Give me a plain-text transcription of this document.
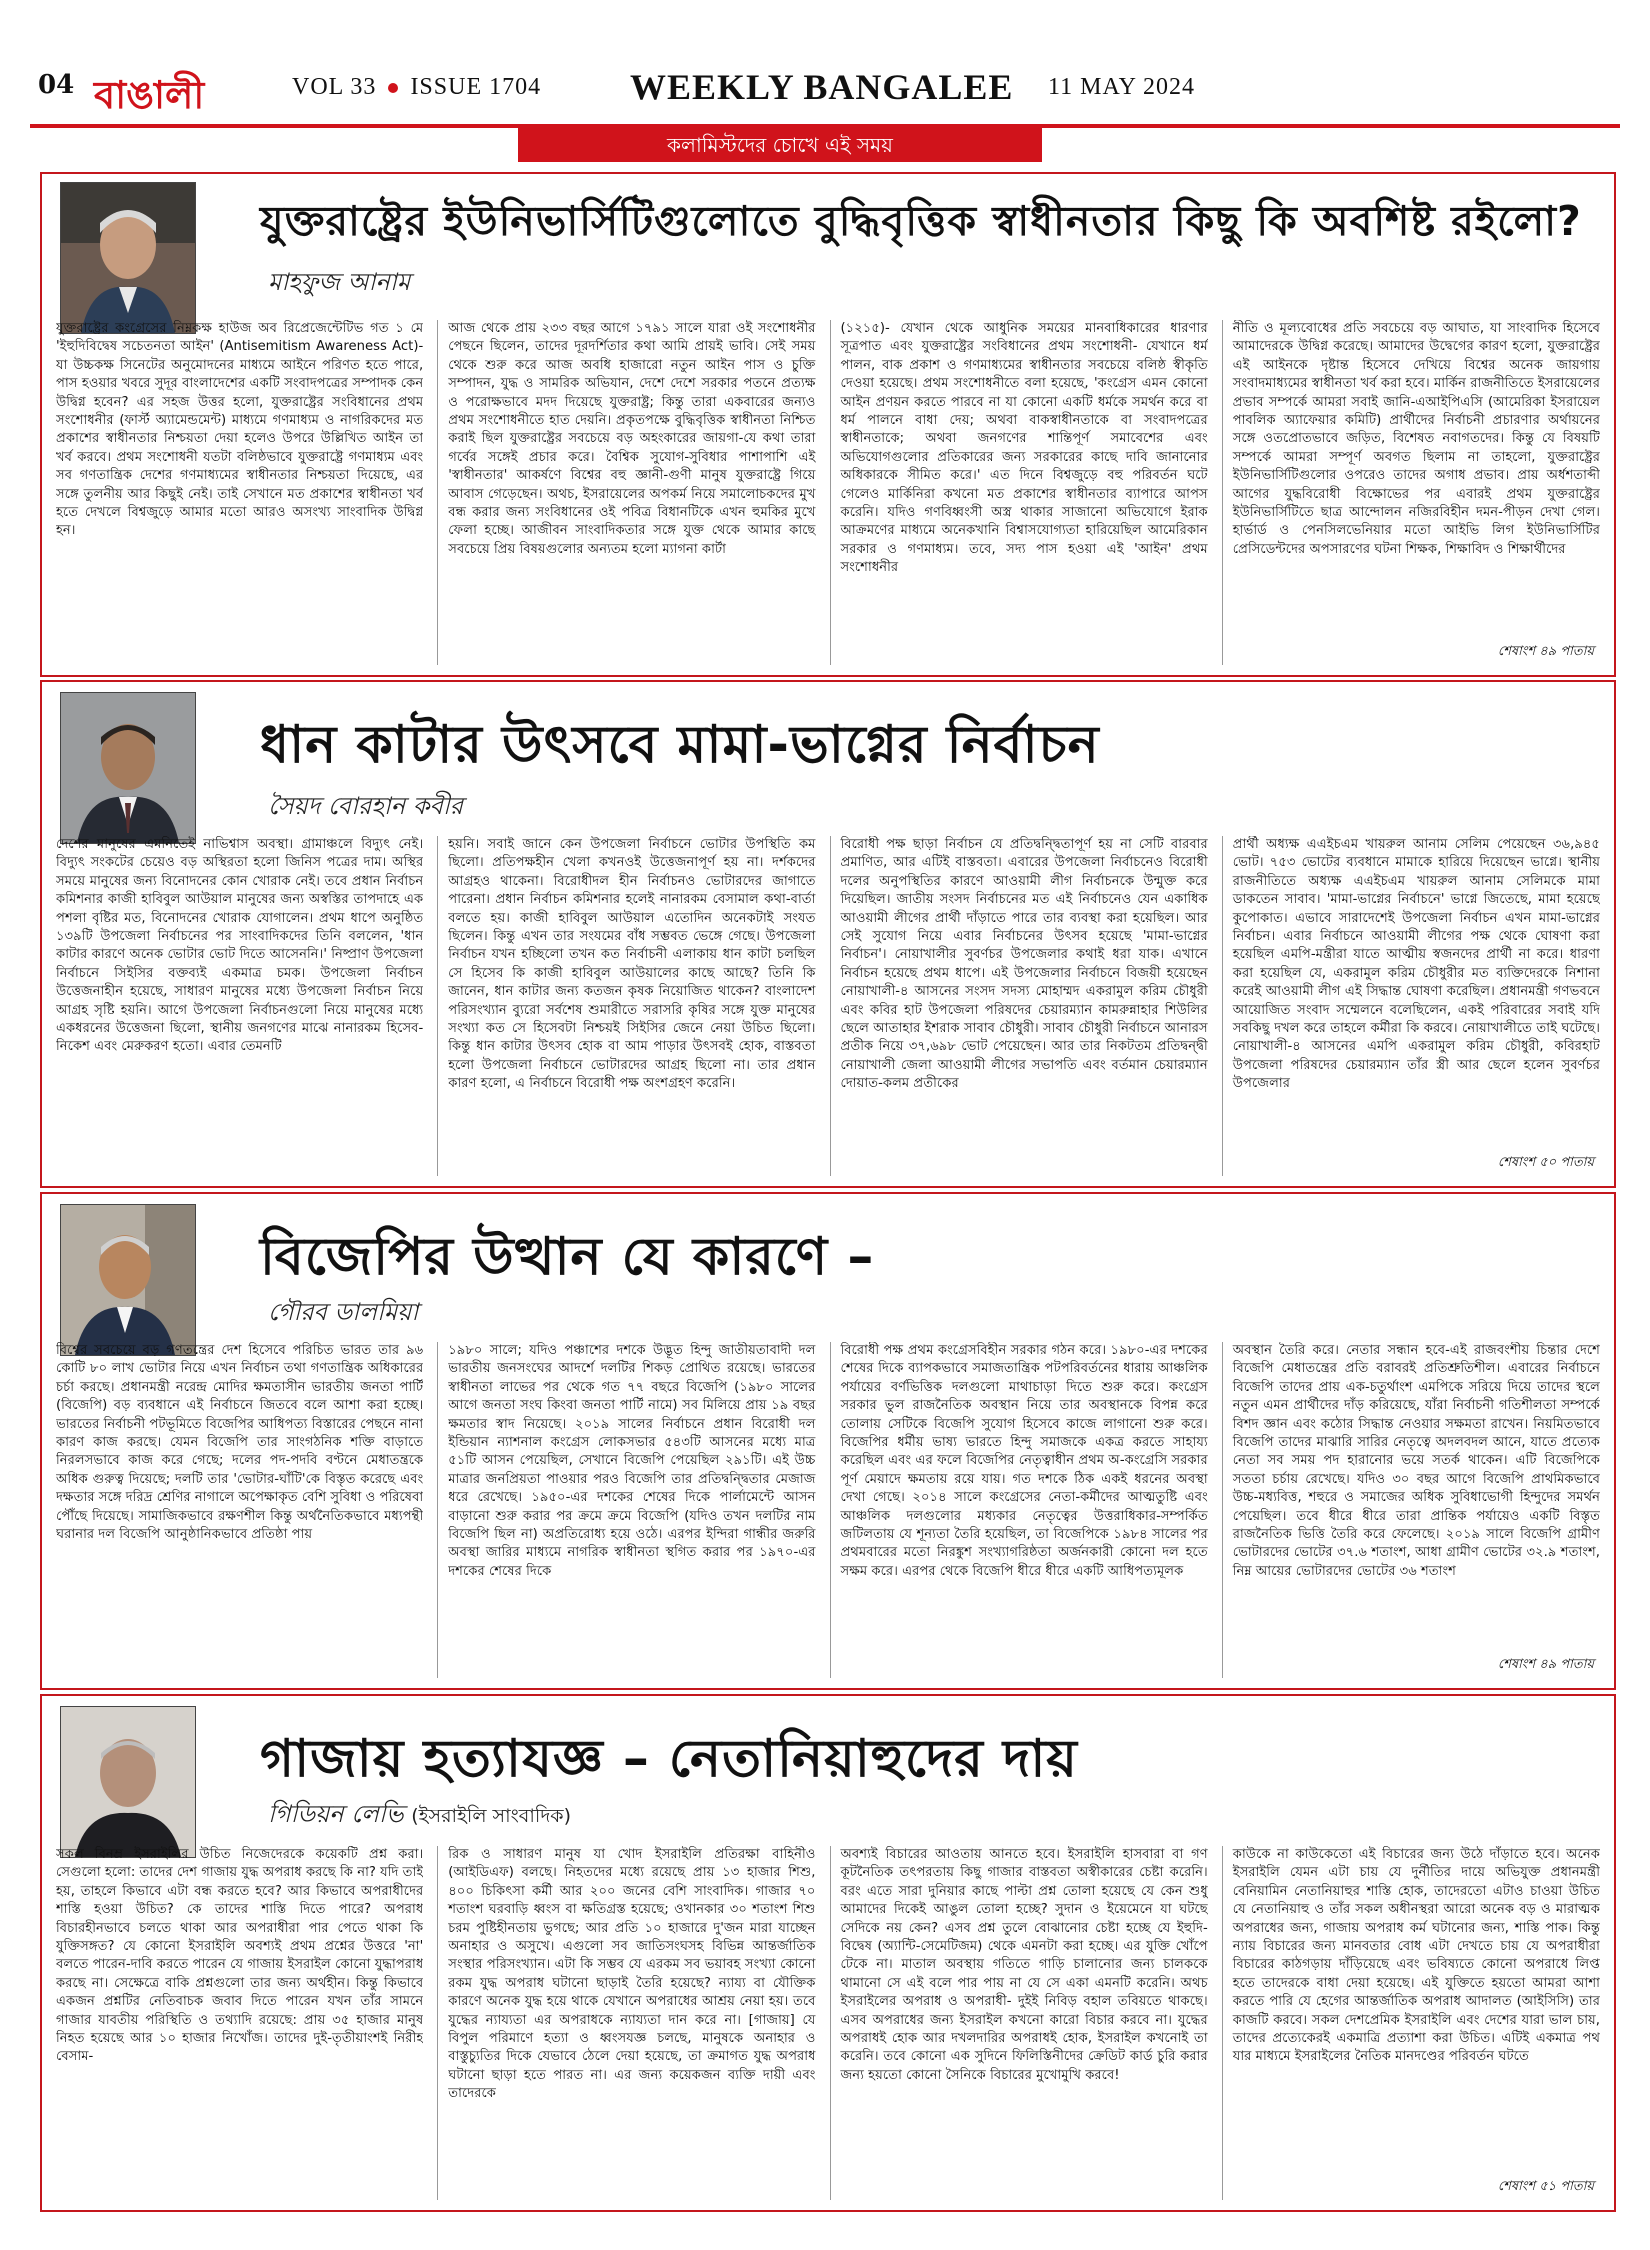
04 বাঙালী	VOL 33 ISSUE 1704 WEEKLY BANGALEE 11 MAY 2024
কলামিস্টদের চোখে এই সময়
যুক্তরাষ্ট্রের ইউনিভার্সিটিগুলোতে বুদ্ধিবৃত্তিক স্বাধীনতার কিছু কি অবশিষ্ট রইলো?
মাহফুজ আনাম

যুক্তরাষ্ট্রের কংগ্রেসের নিম্নকক্ষ হাউজ অব রিপ্রেজেন্টেটিভ গত ১ মে 'ইহুদিবিদ্বেষ সচেতনতা আইন' (Antisemitism Awareness Act)- যা উচ্চকক্ষ সিনেটের অনুমোদনের মাধ্যমে আইনে পরিণত হতে পারে, পাস হওয়ার খবরে সুদূর বাংলাদেশের একটি সংবাদপত্রের সম্পাদক কেন উদ্বিগ্ন হবেন? এর সহজ উত্তর হলো, যুক্তরাষ্ট্রের সংবিধানের প্রথম সংশোধনীর (ফার্স্ট অ্যামেন্ডমেন্ট) মাধ্যমে গণমাধ্যম ও নাগরিকদের মত প্রকাশের স্বাধীনতার নিশ্চয়তা দেয়া হলেও উপরে উল্লিখিত আইন তা খর্ব করবে। প্রথম সংশোধনী যতটা বলিষ্ঠভাবে যুক্তরাষ্ট্রে গণমাধ্যম এবং সব গণতান্ত্রিক দেশের গণমাধ্যমের স্বাধীনতার নিশ্চয়তা দিয়েছে, এর সঙ্গে তুলনীয় আর কিছুই নেই। তাই সেখানে মত প্রকাশের স্বাধীনতা খর্ব হতে দেখলে বিশ্বজুড়ে আমার মতো আরও অসংখ্য সাংবাদিক উদ্বিগ্ন হন।

আজ থেকে প্রায় ২৩৩ বছর আগে ১৭৯১ সালে যারা ওই সংশোধনীর পেছনে ছিলেন, তাদের দূরদর্শিতার কথা আমি প্রায়ই ভাবি। সেই সময় থেকে শুরু করে আজ অবধি হাজারো নতুন আইন পাস ও চুক্তি সম্পাদন, যুদ্ধ ও সামরিক অভিযান, দেশে দেশে সরকার পতনে প্রত্যক্ষ ও পরোক্ষভাবে মদদ দিয়েছে যুক্তরাষ্ট্র; কিন্তু তারা একবারের জন্যও প্রথম সংশোধনীতে হাত দেয়নি। প্রকৃতপক্ষে বুদ্ধিবৃত্তিক স্বাধীনতা নিশ্চিত করাই ছিল যুক্তরাষ্ট্রের সবচেয়ে বড় অহংকারের জায়গা-যে কথা তারা গর্বের সঙ্গেই প্রচার করে। বৈশ্বিক সুযোগ-সুবিধার পাশাপাশি এই 'স্বাধীনতার' আকর্ষণে বিশ্বের বহু জ্ঞানী-গুণী মানুষ যুক্তরাষ্ট্রে গিয়ে আবাস গেড়েছেন। অথচ, ইসরায়েলের অপকর্ম নিয়ে সমালোচকদের মুখ বন্ধ করার জন্য সংবিধানের ওই পবিত্র বিধানটিকে এখন হুমকির মুখে ফেলা হচ্ছে। আজীবন সাংবাদিকতার সঙ্গে যুক্ত থেকে আমার কাছে সবচেয়ে প্রিয় বিষয়গুলোর অন্যতম হলো ম্যাগনা কার্টা

(১২১৫)- যেখান থেকে আধুনিক সময়ের মানবাধিকারের ধারণার সূত্রপাত এবং যুক্তরাষ্ট্রের সংবিধানের প্রথম সংশোধনী- যেখানে ধর্ম পালন, বাক প্রকাশ ও গণমাধ্যমের স্বাধীনতার সবচেয়ে বলিষ্ঠ স্বীকৃতি দেওয়া হয়েছে। প্রথম সংশোধনীতে বলা হয়েছে, 'কংগ্রেস এমন কোনো আইন প্রণয়ন করতে পারবে না যা কোনো একটি ধর্মকে সমর্থন করে বা ধর্ম পালনে বাধা দেয়; অথবা বাকস্বাধীনতাকে বা সংবাদপত্রের স্বাধীনতাকে; অথবা জনগণের শান্তিপূর্ণ সমাবেশের এবং অভিযোগগুলোর প্রতিকারের জন্য সরকারের কাছে দাবি জানানোর অধিকারকে সীমিত করে।' এত দিনে বিশ্বজুড়ে বহু পরিবর্তন ঘটে গেলেও মার্কিনিরা কখনো মত প্রকাশের স্বাধীনতার ব্যাপারে আপস করেনি। যদিও গণবিধ্বংসী অস্ত্র থাকার সাজানো অভিযোগে ইরাক আক্রমণের মাধ্যমে অনেকখানি বিশ্বাসযোগ্যতা হারিয়েছিল আমেরিকান সরকার ও গণমাধ্যম। তবে, সদ্য পাস হওয়া এই 'আইন' প্রথম সংশোধনীর

নীতি ও মূল্যবোধের প্রতি সবচেয়ে বড় আঘাত, যা সাংবাদিক হিসেবে আমাদেরকে উদ্বিগ্ন করেছে। আমাদের উদ্বেগের কারণ হলো, যুক্তরাষ্ট্রের এই আইনকে দৃষ্টান্ত হিসেবে দেখিয়ে বিশ্বের অনেক জায়গায় সংবাদমাধ্যমের স্বাধীনতা খর্ব করা হবে। মার্কিন রাজনীতিতে ইসরায়েলের প্রভাব সম্পর্কে আমরা সবাই জানি-এআইপিএসি (আমেরিকা ইসরায়েল পাবলিক অ্যাফেয়ার কমিটি) প্রার্থীদের নির্বাচনী প্রচারণার অর্থায়নের সঙ্গে ওতপ্রোতভাবে জড়িত, বিশেষত নবাগতদের। কিন্তু যে বিষয়টি সম্পর্কে আমরা সম্পূর্ণ অবগত ছিলাম না তাহলো, যুক্তরাষ্ট্রের ইউনিভার্সিটিগুলোর ওপরেও তাদের অগাধ প্রভাব। প্রায় অর্ধশতাব্দী আগের যুদ্ধবিরোধী বিক্ষোভের পর এবারই প্রথম যুক্তরাষ্ট্রের ইউনিভার্সিটিতে ছাত্র আন্দোলন নজিরবিহীন দমন-পীড়ন দেখা গেল। হার্ভার্ড ও পেনসিলভেনিয়ার মতো আইভি লিগ ইউনিভার্সিটির প্রেসিডেন্টদের অপসারণের ঘটনা শিক্ষক, শিক্ষাবিদ ও শিক্ষার্থীদের

শেষাংশ ৪৯ পাতায়
ধান কাটার উৎসবে মামা-ভাগ্নের নির্বাচন
সৈয়দ বোরহান কবীর

দেশের মানুষের এমনিতেই নাভিশ্বাস অবস্থা। গ্রামাঞ্চলে বিদ্যুৎ নেই। বিদ্যুৎ সংকটের চেয়েও বড় অস্থিরতা হলো জিনিস পত্রের দাম। অস্থির সময়ে মানুষের জন্য বিনোদনের কোন খোরাক নেই। তবে প্রধান নির্বাচন কমিশনার কাজী হাবিবুল আউয়াল মানুষের জন্য অস্বস্তির তাপদাহে এক পশলা বৃষ্টির মত, বিনোদনের খোরাক যোগালেন। প্রথম ধাপে অনুষ্ঠিত ১৩৯টি উপজেলা নির্বাচনের পর সাংবাদিকদের তিনি বললেন, 'ধান কাটার কারণে অনেক ভোটার ভোট দিতে আসেননি।' নিষ্প্রাণ উপজেলা নির্বাচনে সিইসির বক্তব্যই একমাত্র চমক। উপজেলা নির্বাচন উত্তেজনাহীন হয়েছে, সাধারণ মানুষের মধ্যে উপজেলা নির্বাচন নিয়ে আগ্রহ সৃষ্টি হয়নি। আগে উপজেলা নির্বাচনগুলো নিয়ে মানুষের মধ্যে একধরনের উত্তেজনা ছিলো, স্থানীয় জনগণের মাঝে নানারকম হিসেব-নিকেশ এবং মেরুকরণ হতো। এবার তেমনটি

হয়নি। সবাই জানে কেন উপজেলা নির্বাচনে ভোটার উপস্থিতি কম ছিলো। প্রতিপক্ষহীন খেলা কখনওই উত্তেজনাপূর্ণ হয় না। দর্শকদের আগ্রহও থাকেনা। বিরোধীদল হীন নির্বাচনও ভোটারদের জাগাতে পারেনা। প্রধান নির্বাচন কমিশনার হলেই নানারকম বেসামাল কথা-বার্তা বলতে হয়। কাজী হাবিবুল আউয়াল এতোদিন অনেকটাই সংযত ছিলেন। কিন্তু এখন তার সংযমের বাঁধ সম্ভবত ভেঙ্গে গেছে। উপজেলা নির্বাচন যখন হচ্ছিলো তখন কত নির্বাচনী এলাকায় ধান কাটা চলছিল সে হিসেব কি কাজী হাবিবুল আউয়ালের কাছে আছে? তিনি কি জানেন, ধান কাটার জন্য কতজন কৃষক নিয়োজিত থাকেন? বাংলাদেশ পরিসংখ্যান ব্যুরো সর্বশেষ শুমারীতে সরাসরি কৃষির সঙ্গে যুক্ত মানুষের সংখ্যা কত সে হিসেবটা নিশ্চয়ই সিইসির জেনে নেয়া উচিত ছিলো। কিন্তু ধান কাটার উৎসব হোক বা আম পাড়ার উৎসবই হোক, বাস্তবতা হলো উপজেলা নির্বাচনে ভোটারদের আগ্রহ ছিলো না। তার প্রধান কারণ হলো, এ নির্বাচনে বিরোধী পক্ষ অংশগ্রহণ করেনি।

বিরোধী পক্ষ ছাড়া নির্বাচন যে প্রতিদ্বন্দ্বিতাপূর্ণ হয় না সেটি বারবার প্রমাণিত, আর এটিই বাস্তবতা। এবারের উপজেলা নির্বাচনেও বিরোধী দলের অনুপস্থিতির কারণে আওয়ামী লীগ নির্বাচনকে উন্মুক্ত করে দিয়েছিল। জাতীয় সংসদ নির্বাচনের মত এই নির্বাচনেও যেন একাধিক আওয়ামী লীগের প্রার্থী দাঁড়াতে পারে তার ব্যবস্থা করা হয়েছিল। আর সেই সুযোগ নিয়ে এবার নির্বাচনের উৎসব হয়েছে 'মামা-ভাগ্নের নির্বাচন'। নোয়াখালীর সুবর্ণচর উপজেলার কথাই ধরা যাক। এখানে নির্বাচন হয়েছে প্রথম ধাপে। এই উপজেলার নির্বাচনে বিজয়ী হয়েছেন নোয়াখালী-৪ আসনের সংসদ সদস্য মোহাম্মদ একরামুল করিম চৌধুরী এবং কবির হাট উপজেলা পরিষদের চেয়ারম্যান কামরুন্নাহার শিউলির ছেলে আতাহার ইশরাক সাবাব চৌধুরী। সাবাব চৌধুরী নির্বাচনে আনারস প্রতীক নিয়ে ৩৭,৬৯৮ ভোট পেয়েছেন। আর তার নিকটতম প্রতিদ্বন্দ্বী নোয়াখালী জেলা আওয়ামী লীগের সভাপতি এবং বর্তমান চেয়ারম্যান দোয়াত-কলম প্রতীকের

প্রার্থী অধ্যক্ষ এএইচএম খায়রুল আনাম সেলিম পেয়েছেন ৩৬,৯৪৫ ভোট। ৭৫৩ ভোটের ব্যবধানে মামাকে হারিয়ে দিয়েছেন ভাগ্নে। স্থানীয় রাজনীতিতে অধ্যক্ষ এএইচএম খায়রুল আনাম সেলিমকে মামা ডাকতেন সাবাব। 'মামা-ভাগ্নের নির্বাচনে' ভাগ্নে জিতেছে, মামা হয়েছে কুপোকাত। এভাবে সারাদেশেই উপজেলা নির্বাচন এখন মামা-ভাগ্নের নির্বাচন। এবার নির্বাচনে আওয়ামী লীগের পক্ষ থেকে ঘোষণা করা হয়েছিল এমপি-মন্ত্রীরা যাতে আত্মীয় স্বজনদের প্রার্থী না করে। ধারণা করা হয়েছিল যে, একরামুল করিম চৌধুরীর মত ব্যক্তিদেরকে নিশানা করেই আওয়ামী লীগ এই সিদ্ধান্ত ঘোষণা করেছিল। প্রধানমন্ত্রী গণভবনে আয়োজিত সংবাদ সম্মেলনে বলেছিলেন, একই পরিবারের সবাই যদি সবকিছু দখল করে তাহলে কর্মীরা কি করবে। নোয়াখালীতে তাই ঘটেছে। নোয়াখালী-৪ আসনের এমপি একরামুল করিম চৌধুরী, কবিরহাট উপজেলা পরিষদের চেয়ারম্যান তাঁর স্ত্রী আর ছেলে হলেন সুবর্ণচর উপজেলার

শেষাংশ ৫০ পাতায়
বিজেপির উত্থান যে কারণে –
গৌরব ডালমিয়া

বিশ্বের সবচেয়ে বড় গণতন্ত্রের দেশ হিসেবে পরিচিত ভারত তার ৯৬ কোটি ৮০ লাখ ভোটার নিয়ে এখন নির্বাচন তথা গণতান্ত্রিক অধিকারের চর্চা করছে। প্রধানমন্ত্রী নরেন্দ্র মোদির ক্ষমতাসীন ভারতীয় জনতা পার্টি (বিজেপি) বড় ব্যবধানে এই নির্বাচনে জিতবে বলে আশা করা হচ্ছে। ভারতের নির্বাচনী পটভূমিতে বিজেপির আধিপত্য বিস্তারের পেছনে নানা কারণ কাজ করছে। যেমন বিজেপি তার সাংগঠনিক শক্তি বাড়াতে নিরলসভাবে কাজ করে গেছে; দলের পদ-পদবি বণ্টনে মেধাতন্ত্রকে অধিক গুরুত্ব দিয়েছে; দলটি তার 'ভোটার-ঘাঁটি'কে বিস্তৃত করেছে এবং দক্ষতার সঙ্গে দরিদ্র শ্রেণির নাগালে অপেক্ষাকৃত বেশি সুবিধা ও পরিষেবা পৌঁছে দিয়েছে। সামাজিকভাবে রক্ষণশীল কিন্তু অর্থনৈতিকভাবে মধ্যপন্থী ঘরানার দল বিজেপি আনুষ্ঠানিকভাবে প্রতিষ্ঠা পায়

১৯৮০ সালে; যদিও পঞ্চাশের দশকে উদ্ভূত হিন্দু জাতীয়তাবাদী দল ভারতীয় জনসংঘের আদর্শে দলটির শিকড় প্রোথিত রয়েছে। ভারতের স্বাধীনতা লাভের পর থেকে গত ৭৭ বছরে বিজেপি (১৯৮০ সালের আগে জনতা সংঘ কিংবা জনতা পার্টি নামে) সব মিলিয়ে প্রায় ১৯ বছর ক্ষমতার স্বাদ নিয়েছে। ২০১৯ সালের নির্বাচনে প্রধান বিরোধী দল ইন্ডিয়ান ন্যাশনাল কংগ্রেস লোকসভার ৫৪৩টি আসনের মধ্যে মাত্র ৫১টি আসন পেয়েছিল, সেখানে বিজেপি পেয়েছিল ২৯১টি। এই উচ্চ মাত্রার জনপ্রিয়তা পাওয়ার পরও বিজেপি তার প্রতিদ্বন্দ্বিতার মেজাজ ধরে রেখেছে। ১৯৫০-এর দশকের শেষের দিকে পার্লামেন্টে আসন বাড়ানো শুরু করার পর ক্রমে ক্রমে বিজেপি (যদিও তখন দলটির নাম বিজেপি ছিল না) অপ্রতিরোধ্য হয়ে ওঠে। এরপর ইন্দিরা গান্ধীর জরুরি অবস্থা জারির মাধ্যমে নাগরিক স্বাধীনতা স্থগিত করার পর ১৯৭০-এর দশকের শেষের দিকে

বিরোধী পক্ষ প্রথম কংগ্রেসবিহীন সরকার গঠন করে। ১৯৮০-এর দশকের শেষের দিকে ব্যাপকভাবে সমাজতান্ত্রিক পটপরিবর্তনের ধারায় আঞ্চলিক পর্যায়ের বর্ণভিত্তিক দলগুলো মাথাচাড়া দিতে শুরু করে। কংগ্রেস সরকার ভুল রাজনৈতিক অবস্থান নিয়ে তার অবস্থানকে বিপন্ন করে তোলায় সেটিকে বিজেপি সুযোগ হিসেবে কাজে লাগানো শুরু করে। বিজেপির ধর্মীয় ভাষ্য ভারতে হিন্দু সমাজকে একত্র করতে সাহায্য করেছিল এবং এর ফলে বিজেপির নেতৃত্বাধীন প্রথম অ-কংগ্রেসি সরকার পূর্ণ মেয়াদে ক্ষমতায় রয়ে যায়। গত দশকে ঠিক একই ধরনের অবস্থা দেখা গেছে। ২০১৪ সালে কংগ্রেসের নেতা-কর্মীদের আত্মতুষ্টি এবং আঞ্চলিক দলগুলোর মধ্যকার নেতৃত্বের উত্তরাধিকার-সম্পর্কিত জটিলতায় যে শূন্যতা তৈরি হয়েছিল, তা বিজেপিকে ১৯৮৪ সালের পর প্রথমবারের মতো নিরঙ্কুশ সংখ্যাগরিষ্ঠতা অর্জনকারী কোনো দল হতে সক্ষম করে। এরপর থেকে বিজেপি ধীরে ধীরে একটি আধিপত্যমূলক

অবস্থান তৈরি করে। নেতার সন্ধান হবে-এই রাজবংশীয় চিন্তার দেশে বিজেপি মেধাতন্ত্রের প্রতি বরাবরই প্রতিশ্রুতিশীল। এবারের নির্বাচনে বিজেপি তাদের প্রায় এক-চতুর্থাংশ এমপিকে সরিয়ে দিয়ে তাদের স্থলে নতুন এমন প্রার্থীদের দাঁড় করিয়েছে, যাঁরা নির্বাচনী গতিশীলতা সম্পর্কে বিশদ জ্ঞান এবং কঠোর সিদ্ধান্ত নেওয়ার সক্ষমতা রাখেন। নিয়মিতভাবে বিজেপি তাদের মাঝারি সারির নেতৃত্বে অদলবদল আনে, যাতে প্রত্যেক নেতা সব সময় পদ হারানোর ভয়ে সতর্ক থাকেন। এটি বিজেপিকে সততা চর্চায় রেখেছে। যদিও ৩০ বছর আগে বিজেপি প্রাথমিকভাবে উচ্চ-মধ্যবিত্ত, শহুরে ও সমাজের অধিক সুবিধাভোগী হিন্দুদের সমর্থন পেয়েছিল। তবে ধীরে ধীরে তারা প্রান্তিক পর্যায়েও একটি বিস্তৃত রাজনৈতিক ভিত্তি তৈরি করে ফেলেছে। ২০১৯ সালে বিজেপি গ্রামীণ ভোটারদের ভোটের ৩৭.৬ শতাংশ, আধা গ্রামীণ ভোটের ৩২.৯ শতাংশ, নিম্ন আয়ের ভোটারদের ভোটের ৩৬ শতাংশ

শেষাংশ ৪৯ পাতায়
গাজায় হত্যাযজ্ঞ – নেতানিয়াহুদের দায়
গিডিয়ন লেভি (ইসরাইলি সাংবাদিক)

সকল বিনম্র ইসরাইলির উচিত নিজেদেরকে কয়েকটি প্রশ্ন করা। সেগুলো হলো: তাদের দেশ গাজায় যুদ্ধ অপরাধ করছে কি না? যদি তাই হয়, তাহলে কিভাবে এটা বন্ধ করতে হবে? আর কিভাবে অপরাধীদের শাস্তি হওয়া উচিত? কে তাদের শাস্তি দিতে পারে? অপরাধ বিচারহীনভাবে চলতে থাকা আর অপরাধীরা পার পেতে থাকা কি যুক্তিসঙ্গত? যে কোনো ইসরাইলি অবশ্যই প্রথম প্রশ্নের উত্তরে 'না' বলতে পারেন-দাবি করতে পারেন যে গাজায় ইসরাইল কোনো যুদ্ধাপরাধ করছে না। সেক্ষেত্রে বাকি প্রশ্নগুলো তার জন্য অর্থহীন। কিন্তু কিভাবে একজন প্রশ্নটির নেতিবাচক জবাব দিতে পারেন যখন তাঁর সামনে গাজার যাবতীয় পরিস্থিতি ও তথ্যাদি রয়েছে: প্রায় ৩৫ হাজার মানুষ নিহত হয়েছে আর ১০ হাজার নিখোঁজ। তাদের দুই-তৃতীয়াংশই নিরীহ বেসাম-

রিক ও সাধারণ মানুষ যা খোদ ইসরাইলি প্রতিরক্ষা বাহিনীও (আইডিএফ) বলছে। নিহতদের মধ্যে রয়েছে প্রায় ১৩ হাজার শিশু, ৪০০ চিকিৎসা কর্মী আর ২০০ জনের বেশি সাংবাদিক। গাজার ৭০ শতাংশ ঘরবাড়ি ধ্বংস বা ক্ষতিগ্রস্ত হয়েছে; ওখানকার ৩০ শতাংশ শিশু চরম পুষ্টিহীনতায় ভুগছে; আর প্রতি ১০ হাজারে দু'জন মারা যাচ্ছেন অনাহার ও অসুখে। এগুলো সব জাতিসংঘসহ বিভিন্ন আন্তর্জাতিক সংস্থার পরিসংখ্যান। এটা কি সম্ভব যে এরকম সব ভয়াবহ সংখ্যা কোনো রকম যুদ্ধ অপরাধ ঘটানো ছাড়াই তৈরি হয়েছে? ন্যায্য বা যৌক্তিক কারণে অনেক যুদ্ধ হয়ে থাকে যেখানে অপরাধের আশ্রয় নেয়া হয়। তবে যুদ্ধের ন্যায্যতা এর অপরাধকে ন্যায্যতা দান করে না। [গাজায়] যে বিপুল পরিমাণে হত্যা ও ধ্বংসযজ্ঞ চলছে, মানুষকে অনাহার ও বাস্তুচ্যুতির দিকে যেভাবে ঠেলে দেয়া হয়েছে, তা ক্রমাগত যুদ্ধ অপরাধ ঘটানো ছাড়া হতে পারত না। এর জন্য কয়েকজন ব্যক্তি দায়ী এবং তাদেরকে

অবশ্যই বিচারের আওতায় আনতে হবে। ইসরাইলি হাসবারা বা গণ কূটনৈতিক তৎপরতায় কিছু গাজার বাস্তবতা অস্বীকারের চেষ্টা করেনি। বরং এতে সারা দুনিয়ার কাছে পাল্টা প্রশ্ন তোলা হয়েছে যে কেন শুধু আমাদের দিকেই আঙুল তোলা হচ্ছে? সুদান ও ইয়েমেনে যা ঘটছে সেদিকে নয় কেন? এসব প্রশ্ন তুলে বোঝানোর চেষ্টা হচ্ছে যে ইহুদি-বিদ্বেষ (অ্যান্টি-সেমেটিজম) থেকে এমনটা করা হচ্ছে। এর যুক্তি খোঁপে টেকে না। মাতাল অবস্থায় গতিতে গাড়ি চালানোর জন্য চালককে থামানো সে এই বলে পার পায় না যে সে একা এমনটি করেনি। অথচ ইসরাইলের অপরাধ ও অপরাধী- দুইই নিবিড় বহাল তবিয়তে থাকছে। এসব অপরাধের জন্য ইসরাইল কখনো কারো বিচার করবে না। যুদ্ধের অপরাধই হোক আর দখলদারির অপরাধই হোক, ইসরাইল কখনোই তা করেনি। তবে কোনো এক সুদিনে ফিলিস্তিনীদের ক্রেডিট কার্ড চুরি করার জন্য হয়তো কোনো সৈনিকে বিচারের মুখোমুখি করবে!

কাউকে না কাউকেতো এই বিচারের জন্য উঠে দাঁড়াতে হবে। অনেক ইসরাইলি যেমন এটা চায় যে দুর্নীতির দায়ে অভিযুক্ত প্রধানমন্ত্রী বেনিয়ামিন নেতানিয়াহুর শাস্তি হোক, তাদেরতো এটাও চাওয়া উচিত যে নেতানিয়াহু ও তাঁর সকল অধীনস্থরা আরো অনেক বড় ও মারাত্মক অপরাধের জন্য, গাজায় অপরাধ কর্ম ঘটানোর জন্য, শাস্তি পাক। কিন্তু ন্যায় বিচারের জন্য মানবতার বোধ এটা দেখতে চায় যে অপরাধীরা বিচারের কাঠগড়ায় দাঁড়িয়েছে এবং ভবিষ্যতে কোনো অপরাধে লিপ্ত হতে তাদেরকে বাধা দেয়া হয়েছে। এই যুক্তিতে হয়তো আমরা আশা করতে পারি যে হেগের আন্তর্জাতিক অপরাধ আদালত (আইসিসি) তার কাজটি করবে। সকল দেশপ্রেমিক ইসরাইলি এবং দেশের যারা ভাল চায়, তাদের প্রত্যেকেরই একমাত্রি প্রত্যাশা করা উচিত। এটিই একমাত্র পথ যার মাধ্যমে ইসরাইলের নৈতিক মানদণ্ডের পরিবর্তন ঘটতে

শেষাংশ ৫১ পাতায়
